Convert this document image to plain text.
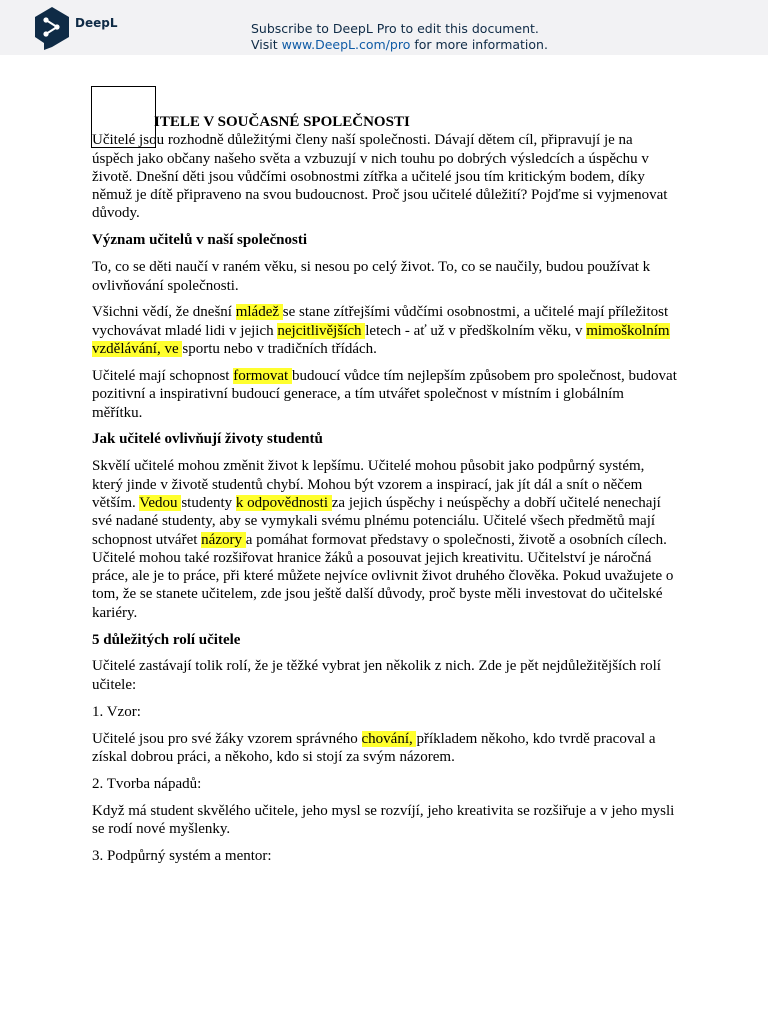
DeepL	Subscribe to DeepL Pro to edit this document.
Visit www.DeepL.com/pro for more information.

ITELE V SOUČASNÉ SPOLEČNOSTI

Učitelé jsou rozhodně důležitými členy naší společnosti. Dávají dětem cíl, připravují je na úspěch jako občany našeho světa a vzbuzují v nich touhu po dobrých výsledcích a úspěchu v životě. Dnešní děti jsou vůdčími osobnostmi zítřka a učitelé jsou tím kritickým bodem, díky němuž je dítě připraveno na svou budoucnost. Proč jsou učitelé důležití? Pojďme si vyjmenovat důvody.

Význam učitelů v naší společnosti

To, co se děti naučí v raném věku, si nesou po celý život. To, co se naučily, budou používat k ovlivňování společnosti.

Všichni vědí, že dnešní mládež se stane zítřejšími vůdčími osobnostmi, a učitelé mají příležitost vychovávat mladé lidi v jejich nejcitlivějších letech - ať už v předškolním věku, v mimoškolním vzdělávání, ve sportu nebo v tradičních třídách.

Učitelé mají schopnost formovat budoucí vůdce tím nejlepším způsobem pro společnost, budovat pozitivní a inspirativní budoucí generace, a tím utvářet společnost v místním i globálním měřítku.

Jak učitelé ovlivňují životy studentů

Skvělí učitelé mohou změnit život k lepšímu. Učitelé mohou působit jako podpůrný systém, který jinde v životě studentů chybí. Mohou být vzorem a inspirací, jak jít dál a snít o něčem větším. Vedou studenty k odpovědnosti za jejich úspěchy i neúspěchy a dobří učitelé nenechají své nadané studenty, aby se vymykali svému plnému potenciálu. Učitelé všech předmětů mají schopnost utvářet názory a pomáhat formovat představy o společnosti, životě a osobních cílech. Učitelé mohou také rozšiřovat hranice žáků a posouvat jejich kreativitu. Učitelství je náročná práce, ale je to práce, při které můžete nejvíce ovlivnit život druhého člověka. Pokud uvažujete o tom, že se stanete učitelem, zde jsou ještě další důvody, proč byste měli investovat do učitelské kariéry.

5 důležitých rolí učitele

Učitelé zastávají tolik rolí, že je těžké vybrat jen několik z nich. Zde je pět nejdůležitějších rolí učitele:

1. Vzor:

Učitelé jsou pro své žáky vzorem správného chování, příkladem někoho, kdo tvrdě pracoval a získal dobrou práci, a někoho, kdo si stojí za svým názorem.

2. Tvorba nápadů:

Když má student skvělého učitele, jeho mysl se rozvíjí, jeho kreativita se rozšiřuje a v jeho mysli se rodí nové myšlenky.

3. Podpůrný systém a mentor:
